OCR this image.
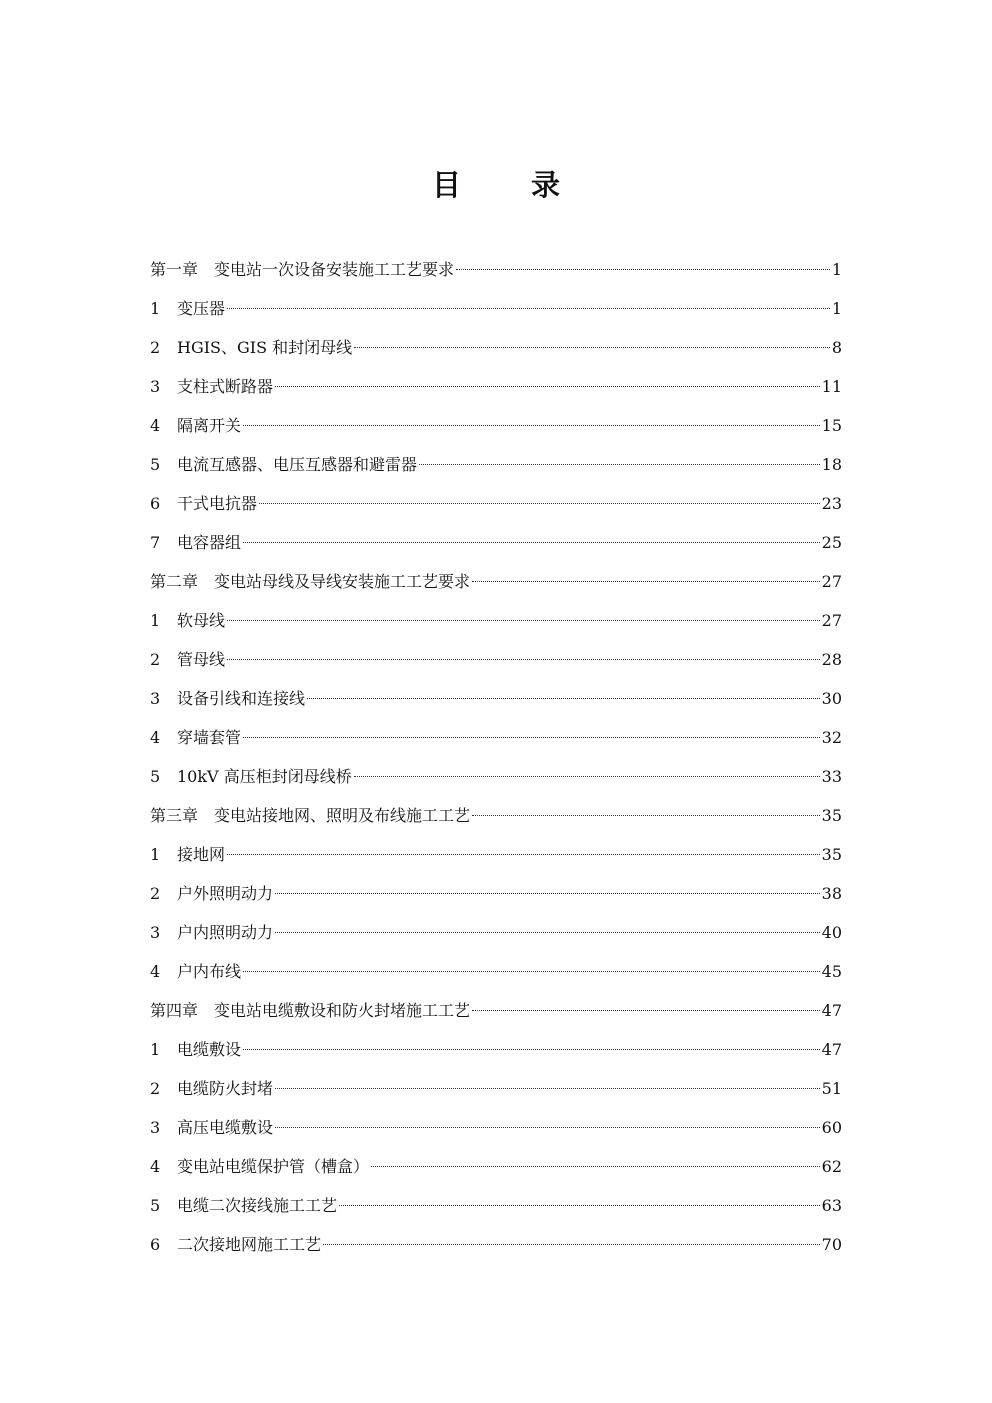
目 录
第一章 变电站一次设备安装施工工艺要求	1
1	变压器	1
2	HGIS、GIS 和封闭母线	8
3	支柱式断路器	11
4	隔离开关	15
5	电流互感器、电压互感器和避雷器	18
6	干式电抗器	23
7	电容器组	25
第二章 变电站母线及导线安装施工工艺要求	27
1	软母线	27
2	管母线	28
3	设备引线和连接线	30
4	穿墙套管	32
5	10kV 高压柜封闭母线桥	33
第三章 变电站接地网、照明及布线施工工艺	35
1	接地网	35
2	户外照明动力	38
3	户内照明动力	40
4	户内布线	45
第四章 变电站电缆敷设和防火封堵施工工艺	47
1	电缆敷设	47
2	电缆防火封堵	51
3	高压电缆敷设	60
4	变电站电缆保护管（槽盒）	62
5	电缆二次接线施工工艺	63
6	二次接地网施工工艺	70
